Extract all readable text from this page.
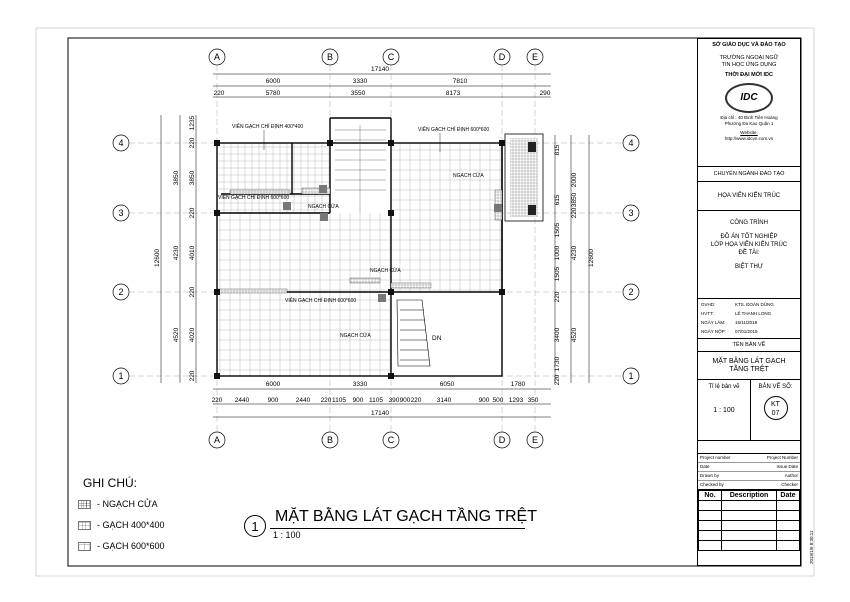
A	B	C	D	E
A	B	C	D	E
4
3
2
1
4
3
2
1
17140
6000	3330	7810
220	5780	3550	8173	290
6000	3330	6050	1780
220 2440	900	2440 220 1105 900 1105 390 900 220 3140	900 500 1293 350
17140
12600
3850
4230
4520
1235
220
3850
220
4010
220
4020
220
815
615
1505
1000
1505
220
3400
1730
220
2000
3850
220
4230
4520
12600
VIÊN GẠCH CHỈ ĐỊNH 400*400	VIÊN GẠCH CHỈ ĐỊNH 600*600
VIÊN GẠCH CHỈ ĐỊNH 600*600
NGẠCH CỬA
NGẠCH CỬA
NGẠCH CỬA
VIÊN GẠCH CHỈ ĐỊNH 600*600
NGẠCH CỬA	DN
GHI CHÚ:
- NGẠCH CỬA
- GẠCH 400*400
- GẠCH 600*600
1
MẶT BẰNG LÁT GẠCH TẦNG TRỆT
1 : 100
SỞ GIÁO DỤC VÀ ĐÀO TẠO
TRƯỜNG NGOẠI NGỮ
TIN HỌC ỨNG DỤNG
THỜI ĐẠI MỚI IDC
IDC
Địa chỉ : 40 Đinh Tiên Hoàng
Phường Đa Kao Quận 1
Website:
http://www.idcvn.com.vn
CHUYÊN NGÀNH ĐÀO TẠO
HỌA VIÊN KIẾN TRÚC
CÔNG TRÌNH
ĐỒ ÁN TỐT NGHIỆP
LỚP HỌA VIÊN KIẾN TRÚC
ĐỀ TÀI:
BIỆT THỰ
GVHD:	KTS. ĐOÀN DŨNG
HVTT:	LÊ THANH LONG
NGÀY LÀM:	15/11/2018
NGÀY NỘP:	07/01/2019
TÊN BẢN VẼ
MẶT BẰNG LÁT GẠCH
TẦNG TRỆT
Tỉ lệ bản vẽ
1 : 100
BẢN VẼ SỐ:
KT
07
Project number	Project Number
Date	Issue Date
Drawn by	Author
Checked by	Checker
No.	Description	Date

2019/1/6 8:30:11
